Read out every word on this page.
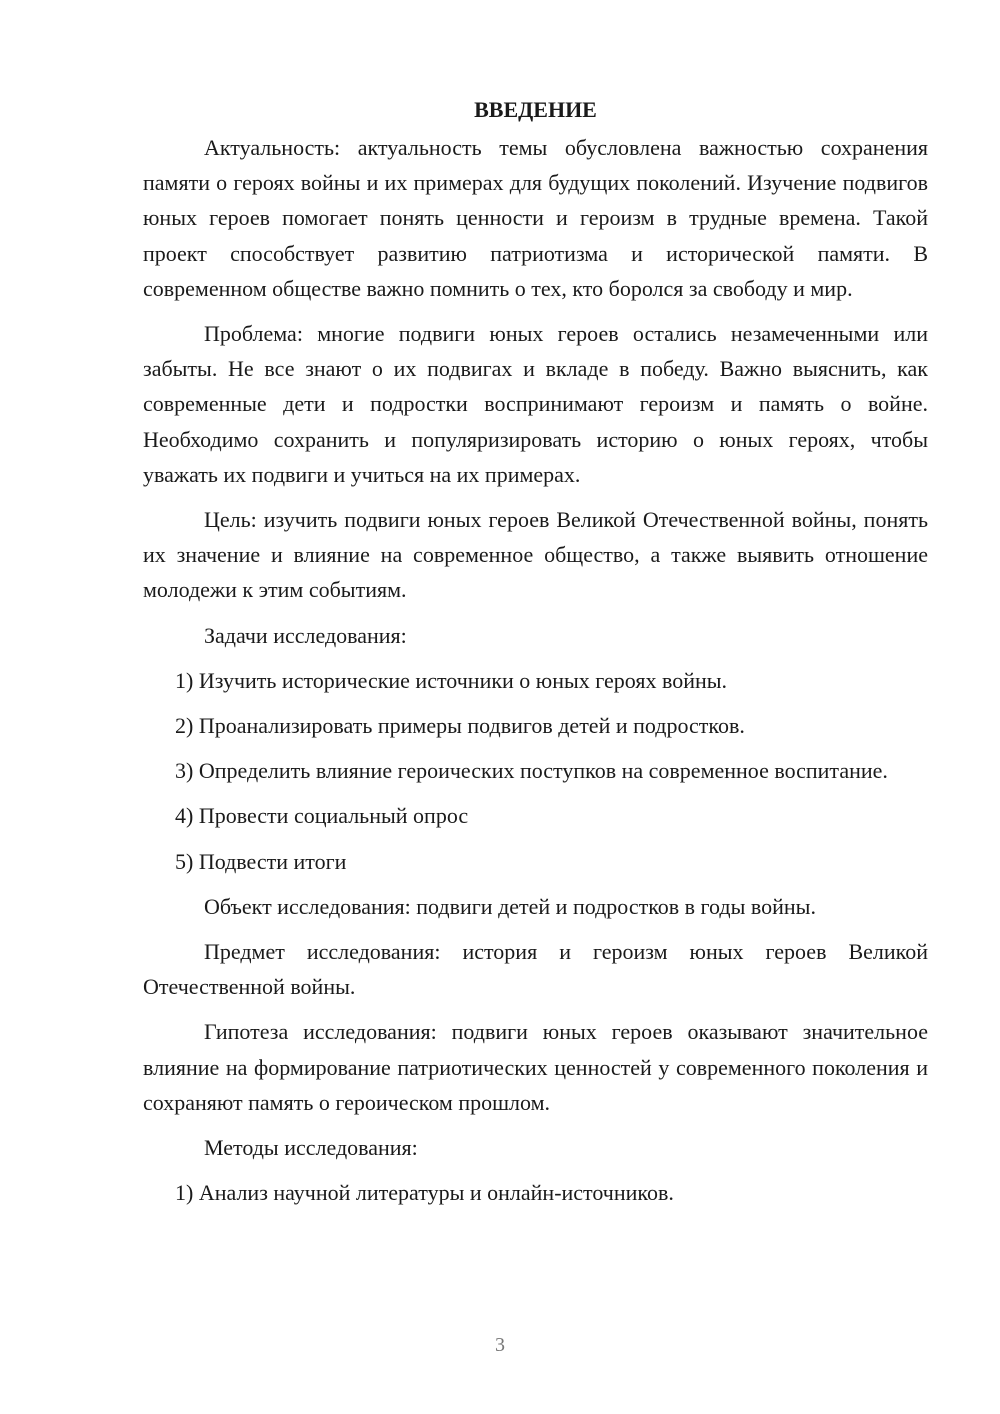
ВВЕДЕНИЕ

Актуальность: актуальность темы обусловлена важностью сохранения памяти о героях войны и их примерах для будущих поколений. Изучение подвигов юных героев помогает понять ценности и героизм в трудные времена. Такой проект способствует развитию патриотизма и исторической памяти. В современном обществе важно помнить о тех, кто боролся за свободу и мир.

Проблема: многие подвиги юных героев остались незамеченными или забыты. Не все знают о их подвигах и вкладе в победу. Важно выяснить, как современные дети и подростки воспринимают героизм и память о войне. Необходимо сохранить и популяризировать историю о юных героях, чтобы уважать их подвиги и учиться на их примерах.

Цель: изучить подвиги юных героев Великой Отечественной войны, понять их значение и влияние на современное общество, а также выявить отношение молодежи к этим событиям.

Задачи исследования:

1) Изучить исторические источники о юных героях войны.

2) Проанализировать примеры подвигов детей и подростков.

3) Определить влияние героических поступков на современное воспитание.

4) Провести социальный опрос

5) Подвести итоги

Объект исследования: подвиги детей и подростков в годы войны.

Предмет исследования: история и героизм юных героев Великой Отечественной войны.

Гипотеза исследования: подвиги юных героев оказывают значительное влияние на формирование патриотических ценностей у современного поколения и сохраняют память о героическом прошлом.

Методы исследования:

1) Анализ научной литературы и онлайн-источников.

3
